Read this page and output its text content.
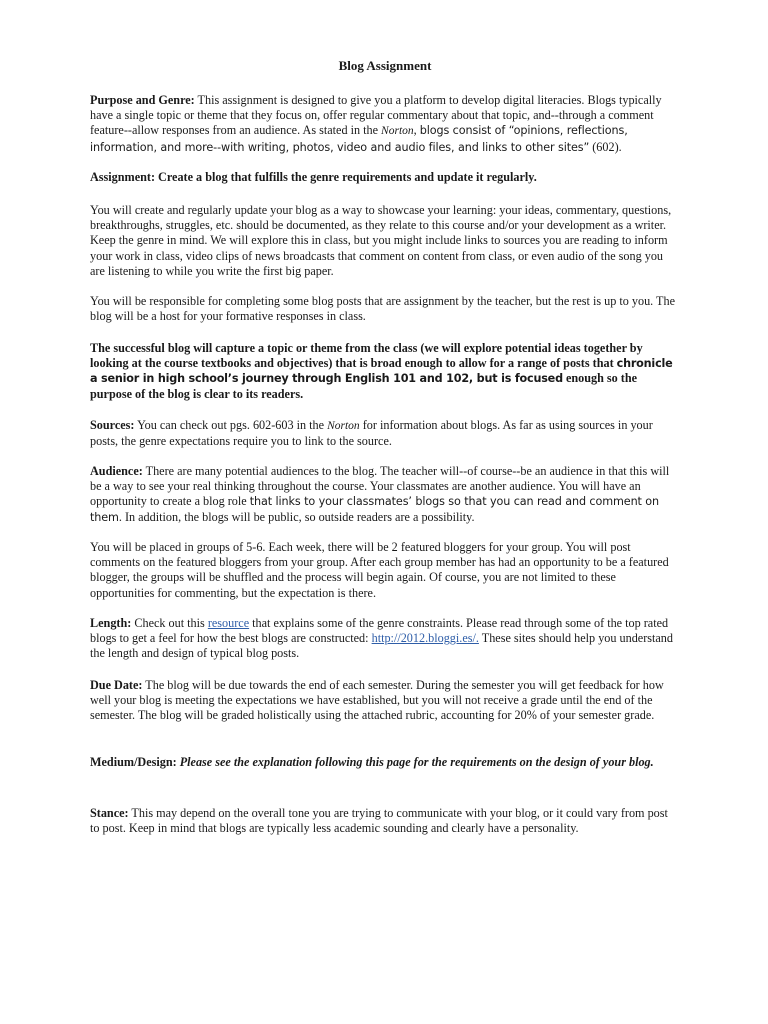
Blog Assignment

Purpose and Genre: This assignment is designed to give you a platform to develop digital literacies. Blogs typically have a single topic or theme that they focus on, offer regular commentary about that topic, and--through a comment feature--allow responses from an audience. As stated in the Norton, blogs consist of “opinions, reflections, information, and more--with writing, photos, video and audio files, and links to other sites” (602).

Assignment: Create a blog that fulfills the genre requirements and update it regularly.

You will create and regularly update your blog as a way to showcase your learning: your ideas, commentary, questions, breakthroughs, struggles, etc. should be documented, as they relate to this course and/or your development as a writer. Keep the genre in mind. We will explore this in class, but you might include links to sources you are reading to inform your work in class, video clips of news broadcasts that comment on content from class, or even audio of the song you are listening to while you write the first big paper.

You will be responsible for completing some blog posts that are assignment by the teacher, but the rest is up to you. The blog will be a host for your formative responses in class.

The successful blog will capture a topic or theme from the class (we will explore potential ideas together by looking at the course textbooks and objectives) that is broad enough to allow for a range of posts that chronicle a senior in high school’s journey through English 101 and 102, but is focused enough so the purpose of the blog is clear to its readers.

Sources: You can check out pgs. 602-603 in the Norton for information about blogs. As far as using sources in your posts, the genre expectations require you to link to the source.

Audience: There are many potential audiences to the blog. The teacher will--of course--be an audience in that this will be a way to see your real thinking throughout the course. Your classmates are another audience. You will have an opportunity to create a blog role that links to your classmates’ blogs so that you can read and comment on them. In addition, the blogs will be public, so outside readers are a possibility.

You will be placed in groups of 5-6. Each week, there will be 2 featured bloggers for your group. You will post comments on the featured bloggers from your group. After each group member has had an opportunity to be a featured blogger, the groups will be shuffled and the process will begin again. Of course, you are not limited to these opportunities for commenting, but the expectation is there.

Length: Check out this resource that explains some of the genre constraints. Please read through some of the top rated blogs to get a feel for how the best blogs are constructed: http://2012.bloggi.es/. These sites should help you understand the length and design of typical blog posts.

Due Date: The blog will be due towards the end of each semester. During the semester you will get feedback for how well your blog is meeting the expectations we have established, but you will not receive a grade until the end of the semester. The blog will be graded holistically using the attached rubric, accounting for 20% of your semester grade.

Medium/Design: Please see the explanation following this page for the requirements on the design of your blog.

Stance: This may depend on the overall tone you are trying to communicate with your blog, or it could vary from post to post. Keep in mind that blogs are typically less academic sounding and clearly have a personality.
